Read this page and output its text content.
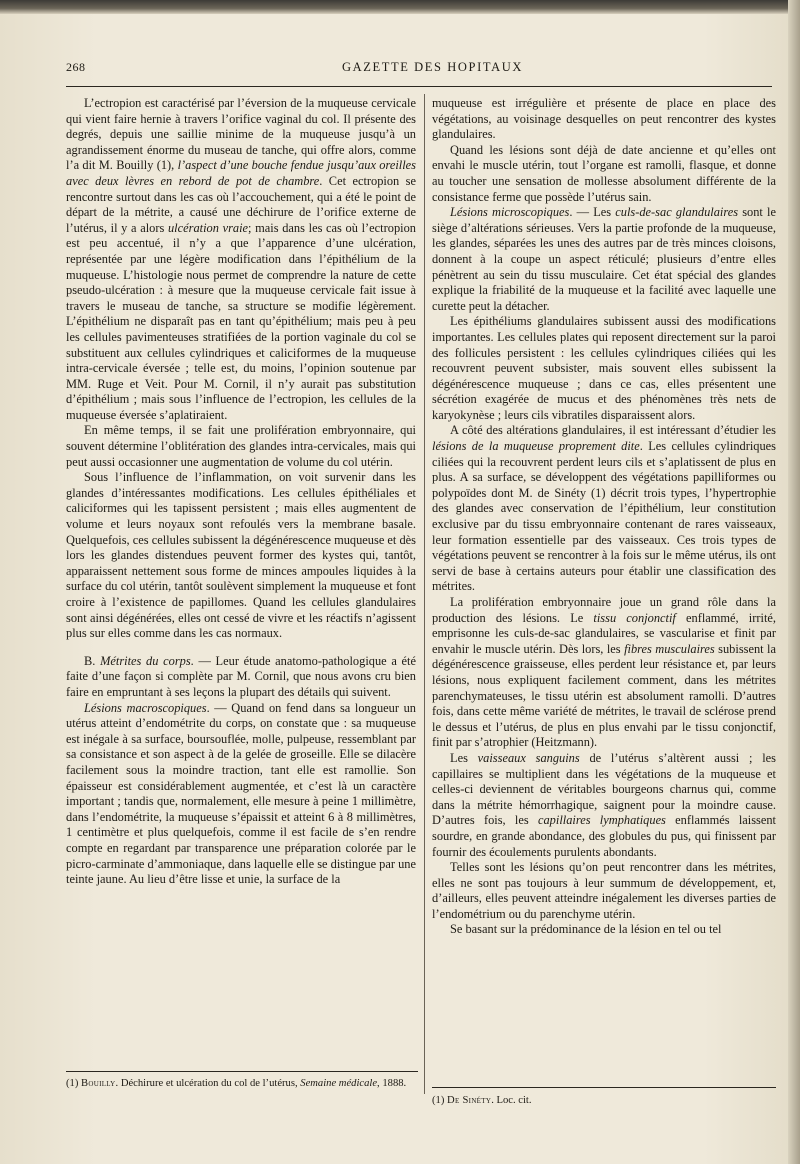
268	GAZETTE DES HOPITAUX

L’ectropion est caractérisé par l’éversion de la muqueuse cervicale qui vient faire hernie à travers l’orifice vaginal du col. Il présente des degrés, depuis une saillie minime de la muqueuse jusqu’à un agrandissement énorme du museau de tanche, qui offre alors, comme l’a dit M. Bouilly (1), l’aspect d’une bouche fendue jusqu’aux oreilles avec deux lèvres en rebord de pot de chambre. Cet ectropion se rencontre surtout dans les cas où l’accouchement, qui a été le point de départ de la métrite, a causé une déchirure de l’orifice externe de l’utérus, il y a alors ulcération vraie; mais dans les cas où l’ectropion est peu accentué, il n’y a que l’apparence d’une ulcération, représentée par une légère modification dans l’épithélium de la muqueuse. L’histologie nous permet de comprendre la nature de cette pseudo-ulcération : à mesure que la muqueuse cervicale fait issue à travers le museau de tanche, sa structure se modifie légèrement. L’épithélium ne disparaît pas en tant qu’épithélium; mais peu à peu les cellules pavimenteuses stratifiées de la portion vaginale du col se substituent aux cellules cylindriques et caliciformes de la muqueuse intra-cervicale éversée ; telle est, du moins, l’opinion soutenue par MM. Ruge et Veit. Pour M. Cornil, il n’y aurait pas substitution d’épithélium ; mais sous l’influence de l’ectropion, les cellules de la muqueuse éversée s’aplatiraient.

En même temps, il se fait une prolifération embryonnaire, qui souvent détermine l’oblitération des glandes intra-cervicales, mais qui peut aussi occasionner une augmentation de volume du col utérin.

Sous l’influence de l’inflammation, on voit survenir dans les glandes d’intéressantes modifications. Les cellules épithéliales et caliciformes qui les tapissent persistent ; mais elles augmentent de volume et leurs noyaux sont refoulés vers la membrane basale. Quelquefois, ces cellules subissent la dégénérescence muqueuse et dès lors les glandes distendues peuvent former des kystes qui, tantôt, apparaissent nettement sous forme de minces ampoules liquides à la surface du col utérin, tantôt soulèvent simplement la muqueuse et font croire à l’existence de papillomes. Quand les cellules glandulaires sont ainsi dégénérées, elles ont cessé de vivre et les réactifs n’agissent plus sur elles comme dans les cas normaux.

B. Métrites du corps. — Leur étude anatomo-pathologique a été faite d’une façon si complète par M. Cornil, que nous avons cru bien faire en empruntant à ses leçons la plupart des détails qui suivent.

Lésions macroscopiques. — Quand on fend dans sa longueur un utérus atteint d’endométrite du corps, on constate que : sa muqueuse est inégale à sa surface, boursouflée, molle, pulpeuse, ressemblant par sa consistance et son aspect à de la gelée de groseille. Elle se dilacère facilement sous la moindre traction, tant elle est ramollie. Son épaisseur est considérablement augmentée, et c’est là un caractère important ; tandis que, normalement, elle mesure à peine 1 millimètre, dans l’endométrite, la muqueuse s’épaissit et atteint 6 à 8 millimètres, 1 centimètre et plus quelquefois, comme il est facile de s’en rendre compte en regardant par transparence une préparation colorée par le picro-carminate d’ammoniaque, dans laquelle elle se distingue par une teinte jaune. Au lieu d’être lisse et unie, la surface de la

(1) Bouilly. Déchirure et ulcération du col de l’utérus, Semaine médicale, 1888.

muqueuse est irrégulière et présente de place en place des végétations, au voisinage desquelles on peut rencontrer des kystes glandulaires.

Quand les lésions sont déjà de date ancienne et qu’elles ont envahi le muscle utérin, tout l’organe est ramolli, flasque, et donne au toucher une sensation de mollesse absolument différente de la consistance ferme que possède l’utérus sain.

Lésions microscopiques. — Les culs-de-sac glandulaires sont le siège d’altérations sérieuses. Vers la partie profonde de la muqueuse, les glandes, séparées les unes des autres par de très minces cloisons, donnent à la coupe un aspect réticulé; plusieurs d’entre elles pénètrent au sein du tissu musculaire. Cet état spécial des glandes explique la friabilité de la muqueuse et la facilité avec laquelle une curette peut la détacher.

Les épithéliums glandulaires subissent aussi des modifications importantes. Les cellules plates qui reposent directement sur la paroi des follicules persistent : les cellules cylindriques ciliées qui les recouvrent peuvent subsister, mais souvent elles subissent la dégénérescence muqueuse ; dans ce cas, elles présentent une sécrétion exagérée de mucus et des phénomènes très nets de karyokynèse ; leurs cils vibratiles disparaissent alors.

A côté des altérations glandulaires, il est intéressant d’étudier les lésions de la muqueuse proprement dite. Les cellules cylindriques ciliées qui la recouvrent perdent leurs cils et s’aplatissent de plus en plus. A sa surface, se développent des végétations papilliformes ou polypoïdes dont M. de Sinéty (1) décrit trois types, l’hypertrophie des glandes avec conservation de l’épithélium, leur constitution exclusive par du tissu embryonnaire contenant de rares vaisseaux, leur formation essentielle par des vaisseaux. Ces trois types de végétations peuvent se rencontrer à la fois sur le même utérus, ils ont servi de base à certains auteurs pour établir une classification des métrites.

La prolifération embryonnaire joue un grand rôle dans la production des lésions. Le tissu conjonctif enflammé, irrité, emprisonne les culs-de-sac glandulaires, se vascularise et finit par envahir le muscle utérin. Dès lors, les fibres musculaires subissent la dégénérescence graisseuse, elles perdent leur résistance et, par leurs lésions, nous expliquent facilement comment, dans les métrites parenchymateuses, le tissu utérin est absolument ramolli. D’autres fois, dans cette même variété de métrites, le travail de sclérose prend le dessus et l’utérus, de plus en plus envahi par le tissu conjonctif, finit par s’atrophier (Heitzmann).

Les vaisseaux sanguins de l’utérus s’altèrent aussi ; les capillaires se multiplient dans les végétations de la muqueuse et celles-ci deviennent de véritables bourgeons charnus qui, comme dans la métrite hémorrhagique, saignent pour la moindre cause. D’autres fois, les capillaires lymphatiques enflammés laissent sourdre, en grande abondance, des globules du pus, qui finissent par fournir des écoulements purulents abondants.

Telles sont les lésions qu’on peut rencontrer dans les métrites, elles ne sont pas toujours à leur summum de développement, et, d’ailleurs, elles peuvent atteindre inégalement les diverses parties de l’endométrium ou du parenchyme utérin.

Se basant sur la prédominance de la lésion en tel ou tel

(1) De Sinéty. Loc. cit.
